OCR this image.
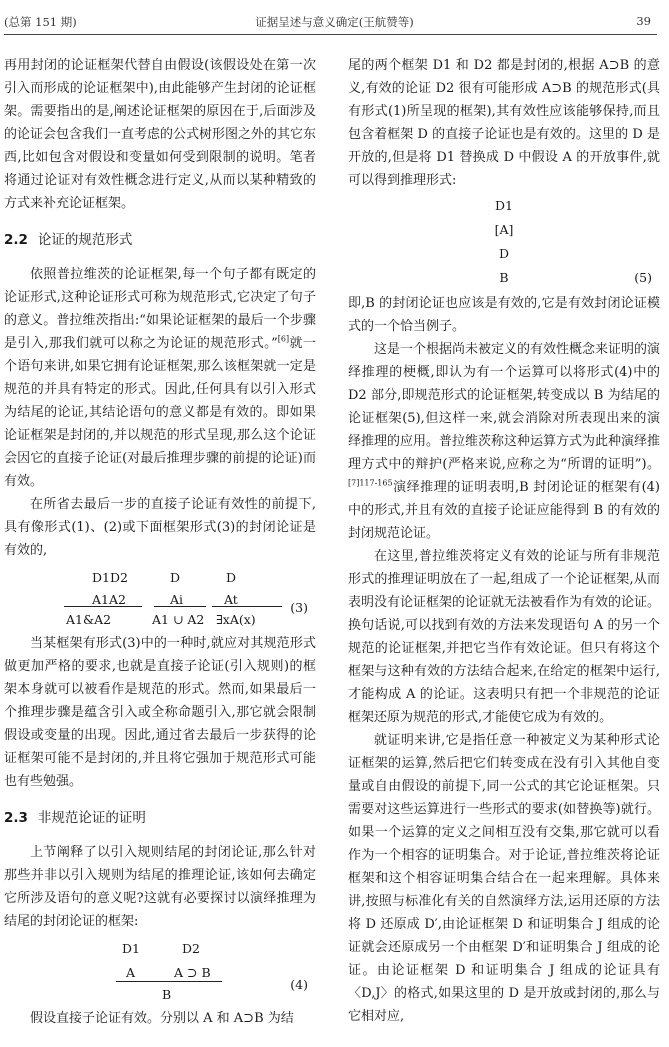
(总第 151 期)	证据呈述与意义确定(王航赞等)	39

再用封闭的论证框架代替自由假设(该假设处在第一次引入而形成的论证框架中),由此能够产生封闭的论证框架。需要指出的是,阐述论证框架的原因在于,后面涉及的论证会包含我们一直考虑的公式树形图之外的其它东西,比如包含对假设和变量如何受到限制的说明。笔者将通过论证对有效性概念进行定义,从而以某种精致的方式来补充论证框架。

2.2 论证的规范形式

依照普拉维茨的论证框架,每一个句子都有既定的论证形式,这种论证形式可称为规范形式,它决定了句子的意义。普拉维茨指出:“如果论证框架的最后一个步骤是引入,那我们就可以称之为论证的规范形式。”[6]就一个语句来讲,如果它拥有论证框架,那么该框架就一定是规范的并具有特定的形式。因此,任何具有以引入形式为结尾的论证,其结论语句的意义都是有效的。即如果论证框架是封闭的,并以规范的形式呈现,那么这个论证会因它的直接子论证(对最后推理步骤的前提的论证)而有效。

在所省去最后一步的直接子论证有效性的前提下,具有像形式(1)、(2)或下面框架形式(3)的封闭论证是有效的,

D1D2	D	D
A1A2	Ai	At
A1&A2	A1 ∪ A2 ∃xA(x)
(3)

当某框架有形式(3)中的一种时,就应对其规范形式做更加严格的要求,也就是直接子论证(引入规则)的框架本身就可以被看作是规范的形式。然而,如果最后一个推理步骤是蕴含引入或全称命题引入,那它就会限制假设或变量的出现。因此,通过省去最后一步获得的论证框架可能不是封闭的,并且将它强加于规范形式可能也有些勉强。

2.3 非规范论证的证明

上节阐释了以引入规则结尾的封闭论证,那么针对那些并非以引入规则为结尾的推理论证,该如何去确定它所涉及语句的意义呢?这就有必要探讨以演绎推理为结尾的封闭论证的框架:

D1	D2
A	A ⊃ B
B
(4)

假设直接子论证有效。分别以 A 和 A⊃B 为结

尾的两个框架 D1 和 D2 都是封闭的,根据 A⊃B 的意义,有效的论证 D2 很有可能形成 A⊃B 的规范形式(具有形式(1)所呈现的框架),其有效性应该能够保持,而且包含着框架 D 的直接子论证也是有效的。这里的 D 是开放的,但是将 D1 替换成 D 中假设 A 的开放事件,就可以得到推理形式:

D1
[A]
D
B	(5)

即,B 的封闭论证也应该是有效的,它是有效封闭论证模式的一个恰当例子。

这是一个根据尚未被定义的有效性概念来证明的演绎推理的梗概,即认为有一个运算可以将形式(4)中的 D2 部分,即规范形式的论证框架,转变成以 B 为结尾的论证框架(5),但这样一来,就会消除对所表现出来的演绎推理的应用。普拉维茨称这种运算方式为此种演绎推理方式中的辩护(严格来说,应称之为“所谓的证明”)。$^{[7]117-165}$演绎推理的证明表明,B 封闭论证的框架有(4)中的形式,并且有效的直接子论证应能得到 B 的有效的封闭规范论证。

在这里,普拉维茨将定义有效的论证与所有非规范形式的推理证明放在了一起,组成了一个论证框架,从而表明没有论证框架的论证就无法被看作为有效的论证。换句话说,可以找到有效的方法来发现语句 A 的另一个规范的论证框架,并把它当作有效论证。但只有将这个框架与这种有效的方法结合起来,在给定的框架中运行,才能构成 A 的论证。这表明只有把一个非规范的论证框架还原为规范的形式,才能使它成为有效的。

就证明来讲,它是指任意一种被定义为某种形式论证框架的运算,然后把它们转变成在没有引入其他自变量或自由假设的前提下,同一公式的其它论证框架。只需要对这些运算进行一些形式的要求(如替换等)就行。如果一个运算的定义之间相互没有交集,那它就可以看作为一个相容的证明集合。对于论证,普拉维茨将论证框架和这个相容证明集合结合在一起来理解。具体来讲,按照与标准化有关的自然演绎方法,运用还原的方法将 D 还原成 D′,由论证框架 D 和证明集合 J 组成的论证就会还原成另一个由框架 D′和证明集合 J 组成的论证。由论证框架 D 和证明集合 J 组成的论证具有〈D,J〉的格式,如果这里的 D 是开放或封闭的,那么与它相对应,
